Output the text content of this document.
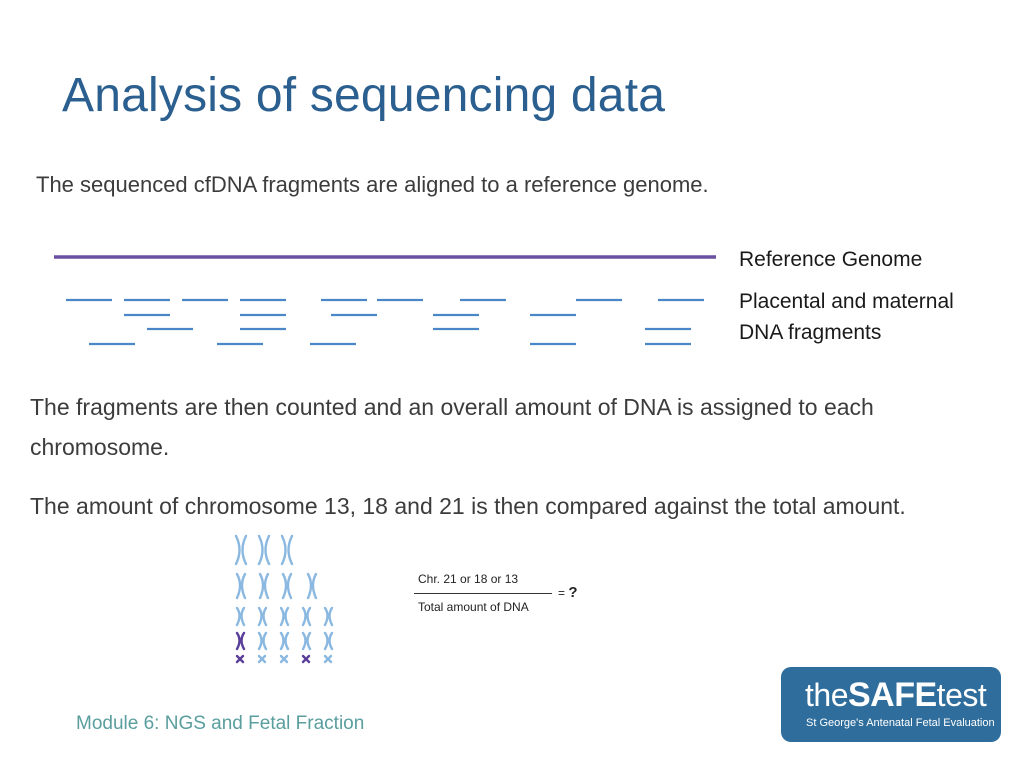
Analysis of sequencing data

The sequenced cfDNA fragments are aligned to a reference genome.

Reference Genome
Placental and maternal
DNA fragments

The fragments are then counted and an overall amount of DNA is assigned to each chromosome.

The amount of chromosome 13, 18 and 21 is then compared against the total amount.

Chr. 21 or 18 or 13
Total amount of DNA
= ?

Module 6: NGS and Fetal Fraction

theSAFEtest
St George's Antenatal Fetal Evaluation
